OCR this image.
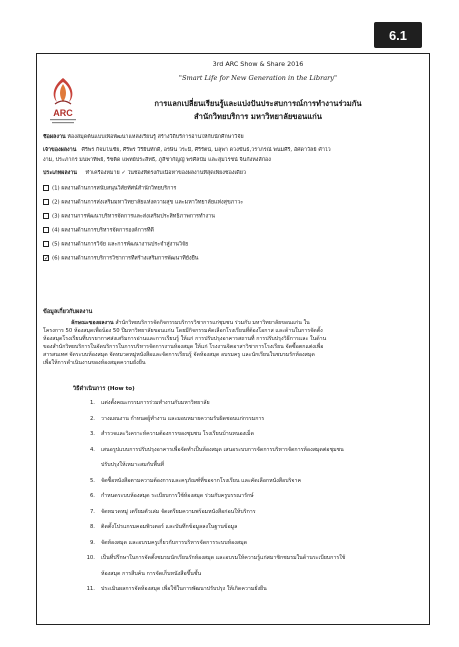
6.1
ARC
3rd ARC Show & Share 2016
"Smart Life for New Generation in the Library"
การแลกเปลี่ยนเรียนรู้และแบ่งปันประสบการณ์การทำงานร่วมกัน
สำนักวิทยบริการ มหาวิทยาลัยขอนแก่น
ชื่อผลงาน ห้องสมุดต้นแบบเพื่อพัฒนาแหล่งเรียนรู้ สร้างวิถีบริการอ่านให้กับนักศึกษาวิจัย
เจ้าของผลงาน ศิริพร กิจมโนชัย, ศิริพร วิริยินทักดี, อรษิน วระมิ, ศิริรัตน์, มลุพา ดวงขันธ์,วราภรณ์ พนมศิริ, อัศดาวัลย์ คำไว
งาม, ประภากร มนพาทิพย์, ริชติด แพทย์ประสิทธิ์, ภูสิชากัญญ์ พรศิลป์ม และสุมโรชน์ จินกังหงส์ก่อง
ประเภทผลงาน ทำเครื่องหมาย ✓ ในช่องที่ตรงกับเนื้อหาของผลงานที่สุดเพียงช่องเดียว
(1) ผลงานด้านการสนับสนุนวิสัยทัศน์สำนักวิทยบริการ
(2) ผลงานด้านการส่งเสริมมหาวิทยาลัยแห่งความสุข และมหาวิทยาลัยแห่งสุขภาวะ
(3) ผลงานการพัฒนาบริหารจัดการและส่งเสริมประสิทธิภาพการทำงาน
(4) ผลงานด้านการบริหารจัดการองค์การที่ดี
(5) ผลงานด้านการวิจัย และการพัฒนางานประจำสู่งานวิจัย
✓ (6) ผลงานด้านการบริการวิชาการที่สร้างเสริมการพัฒนาที่ยั่งยืน
ข้อมูลเกี่ยวกับผลงาน
ลักษณะของผลงาน สำนักวิทยบริการจัดกิจกรรมบริการวิชาการแก่ชุมชน ร่วมกับ มหาวิทยาลัยขอนแก่น ใน
โครงการ 50 ห้องสมุดเพื่อน้อง 50 ปีมหาวิทยาลัยขอนแก่น โดยมีกิจกรรมคัดเลือกโรงเรียนที่ต้องโอกาส และด้านในการจัดตั้ง
ห้องสมุดโรงเรียนที่บรรยากาศส่งเสริมการอ่านและการเรียนรู้ ให้แก่ การปรับปรุงอาคารสถานที่ การปรับปรุงวิธีการและ ในด้าน
ของสำนักวิทยบริการในจัดบริการในการบริหารจัดการงานห้องสมุด ให้แก่ โรงงานจิตอาสาวิชาการโรงเรียน จัดซื้อตกแต่งเพื่อ
สารสนเทศ จัดระบบห้องสมุด จัดหมวดหมู่หนังสือและจัดการเรียนรู้ จัดห้องสมุด อบรมครู และนักเรียนในชมรมรักห้องสมุด
เพื่อให้การดำเนินงานของห้องสมุดความยั่งยืน
วิธีดำเนินการ (How to)
1. แต่งตั้งคณะกรรมการร่วมทำงานกับมหาวิทยาลัย
2. วางแผนงาน กำหนดผู้ทำงาน และมอบหมายความรับผิดชอบแก่กรรมการ
3. สำรวจและวิเคราะห์ความต้องการของชุมชน โรงเรียนบ้านหนองเม็ด
4. เสนอรูปแบบการปรับปรุงอาคารเพื่อจัดทำเป็นห้องสมุด เสนอระบบการจัดการบริหารจัดการห้องสมุดต่อชุมชน
ปรับปรุงให้เหมาะสมกับพื้นที่
5. จัดซื้อหนังสือตามความต้องการและครุภัณฑ์ที่ขอจากโรงเรียน และคัดเลือกหนังสือบริจาค
6. กำหนดระบบห้องสมุด ระเบียบการใช้ห้องสมุด ร่วมกับครูบรรณารักษ์
7. จัดหมวดหมู่ เตรียมตัวเล่ม จัดเตรียมความพร้อมหนังสือก่อนให้บริการ
8. ติดตั้งโปรแกรมคอมพิวเตอร์ และบันทึกข้อมูลลงในฐานข้อมูล
9. จัดห้องสมุด และอบรมครูเกี่ยวกับการบริหารจัดการระบบห้องสมุด
10. เป็นที่ปรึกษาในการจัดตั้งชมรมนักเรียนรักห้องสมุด และอบรมให้ความรู้แก่สมาชิกชมรมในด้านระเบียบการใช้
ห้องสมุด การสืบค้น การจัดเก็บหนังสือขึ้นชั้น
11. ประเมินผลการจัดห้องสมุด เพื่อใช้ในการพัฒนาปรับปรุง ให้เกิดความยั่งยืน
